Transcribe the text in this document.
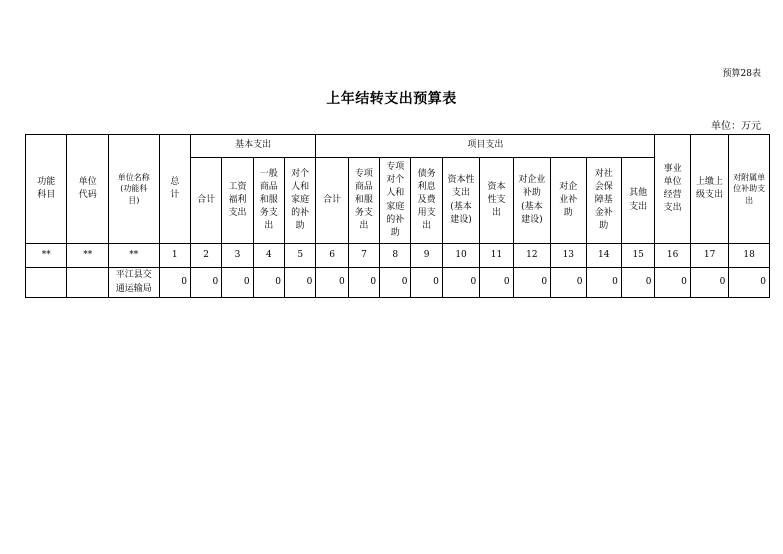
预算28表
上年结转支出预算表
单位：万元
功能科目	单位代码	单位名称(功能科目)	总计	基本支出				项目支出										事业单位经营支出	上缴上级支出	对附属单位补助支出

				合计	工资福利支出	一般商品和服务支出	对个人和家庭的补助	合计	专项商品和服务支出	专项对个人和家庭的补助	债务利息及费用支出	资本性支出(基本建设)	资本性支出	对企业补助(基本建设)	对企业补助	对社会保障基金补助	其他支出			

**	**	**	1	2	3	4	5	6	7	8	9	10	11	12	13	14	15	16	17	18

		平江县交通运输局	0	0	0	0	0	0	0	0	0	0	0	0	0	0	0	0	0	0
